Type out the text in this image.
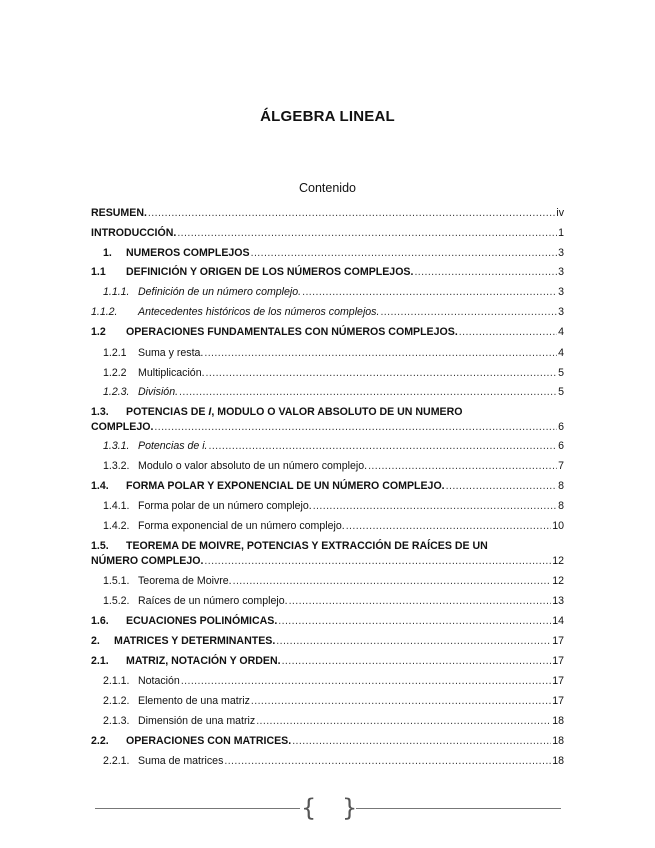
ÁLGEBRA LINEAL
Contenido
RESUMEN. .....	iv
INTRODUCCIÓN. .....	1
1.	NUMEROS COMPLEJOS .....	3
1.1	DEFINICIÓN Y ORIGEN DE LOS NÚMEROS COMPLEJOS. .....	3
1.1.1. Definición de un número complejo. .....	3
1.1.2.	Antecedentes históricos de los números complejos. .....	3
1.2	OPERACIONES FUNDAMENTALES CON NÚMEROS COMPLEJOS. .....	4
1.2.1	Suma y resta. .....	4
1.2.2	Multiplicación. .....	5
1.2.3. División. .....	5
1.3. POTENCIAS DE I, MODULO O VALOR ABSOLUTO DE UN NUMERO
COMPLEJO. .....	6
1.3.1. Potencias de i. .....	6
1.3.2. Modulo o valor absoluto de un número complejo. .....	7
1.4.	FORMA POLAR Y EXPONENCIAL DE UN NÚMERO COMPLEJO. .....	8
1.4.1. Forma polar de un número complejo. .....	8
1.4.2. Forma exponencial de un número complejo. .....	10
1.5. TEOREMA DE MOIVRE, POTENCIAS Y EXTRACCIÓN DE RAÍCES DE UN
NÚMERO COMPLEJO. .....	12
1.5.1. Teorema de Moivre. .....	12
1.5.2. Raíces de un número complejo. .....	13
1.6.	ECUACIONES POLINÓMICAS. .....	14
2.	MATRICES Y DETERMINANTES. .....	17
2.1.	MATRIZ, NOTACIÓN Y ORDEN. .....	17
2.1.1. Notación .....	17
2.1.2. Elemento de una matriz .....	17
2.1.3. Dimensión de una matriz .....	18
2.2.	OPERACIONES CON MATRICES. .....	18
2.2.1. Suma de matrices .....	18
{ }
